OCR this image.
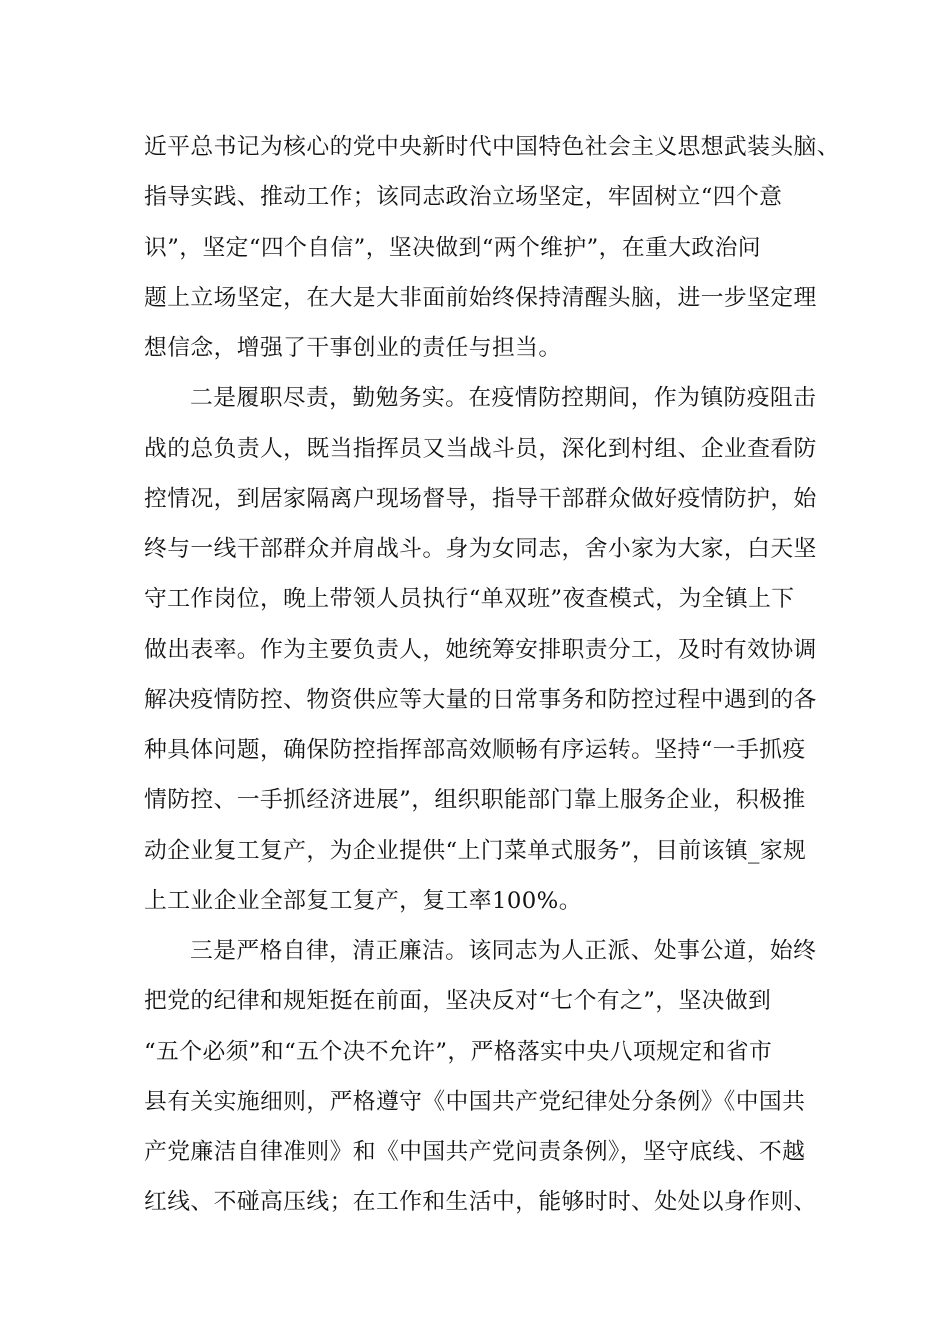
近平总书记为核心的党中央新时代中国特色社会主义思想武装头脑、
指导实践、推动工作；该同志政治立场坚定，牢固树立“四个意
识”，坚定“四个自信”，坚决做到“两个维护”，在重大政治问
题上立场坚定，在大是大非面前始终保持清醒头脑，进一步坚定理
想信念，增强了干事创业的责任与担当。
二是履职尽责，勤勉务实。在疫情防控期间，作为镇防疫阻击
战的总负责人，既当指挥员又当战斗员，深化到村组、企业查看防
控情况，到居家隔离户现场督导，指导干部群众做好疫情防护，始
终与一线干部群众并肩战斗。身为女同志，舍小家为大家，白天坚
守工作岗位，晚上带领人员执行“单双班”夜查模式，为全镇上下
做出表率。作为主要负责人，她统筹安排职责分工，及时有效协调
解决疫情防控、物资供应等大量的日常事务和防控过程中遇到的各
种具体问题，确保防控指挥部高效顺畅有序运转。坚持“一手抓疫
情防控、一手抓经济进展”，组织职能部门靠上服务企业，积极推
动企业复工复产，为企业提供“上门菜单式服务”，目前该镇_家规
上工业企业全部复工复产，复工率100%。
三是严格自律，清正廉洁。该同志为人正派、处事公道，始终
把党的纪律和规矩挺在前面，坚决反对“七个有之”，坚决做到
“五个必须”和“五个决不允许”，严格落实中央八项规定和省市
县有关实施细则，严格遵守《中国共产党纪律处分条例》《中国共
产党廉洁自律准则》和《中国共产党问责条例》，坚守底线、不越
红线、不碰高压线；在工作和生活中，能够时时、处处以身作则、
